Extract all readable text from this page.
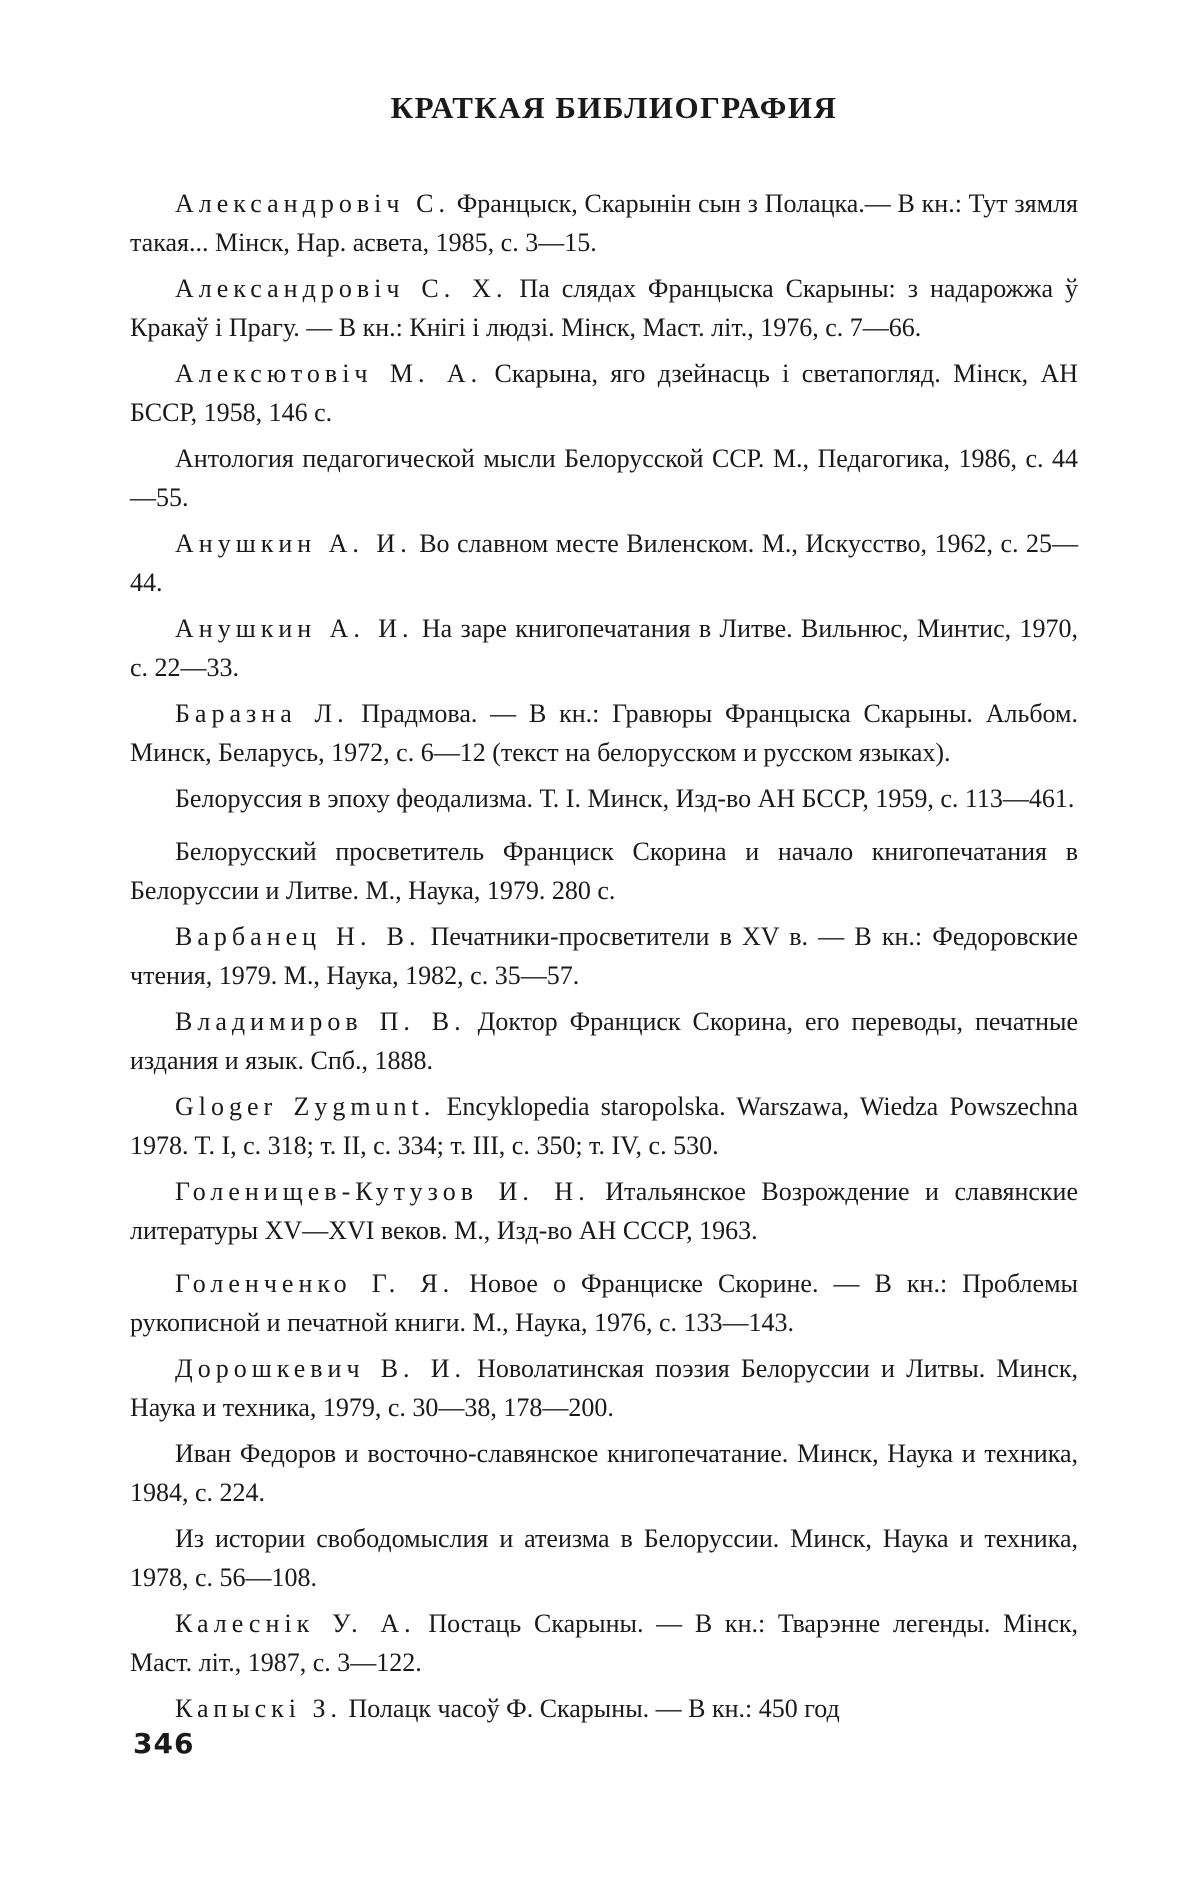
КРАТКАЯ БИБЛИОГРАФИЯ

Александровіч С. Францыск, Скарынін сын з Полацка.— В кн.: Тут зямля такая... Мінск, Нар. асвета, 1985, с. 3—15.

Александровіч С. Х. Па слядах Францыска Скарыны: з надарожжа ў Кракаў і Прагу. — В кн.: Кнігі і людзі. Мінск, Маст. літ., 1976, с. 7—66.

Алексютовіч М. А. Скарына, яго дзейнасць і светапогляд. Мінск, АН БССР, 1958, 146 с.

Антология педагогической мысли Белорусской ССР. М., Педагогика, 1986, с. 44—55.

Анушкин А. И. Во славном месте Виленском. М., Искусство, 1962, с. 25—44.

Анушкин А. И. На заре книгопечатания в Литве. Вильнюс, Минтис, 1970, с. 22—33.

Баразна Л. Прадмова. — В кн.: Гравюры Францыска Скарыны. Альбом. Минск, Беларусь, 1972, с. 6—12 (текст на белорусском и русском языках).

Белоруссия в эпоху феодализма. Т. I. Минск, Изд-во АН БССР, 1959, с. 113—461.

Белорусский просветитель Франциск Скорина и начало книгопечатания в Белоруссии и Литве. М., Наука, 1979. 280 с.

Варбанец Н. В. Печатники-просветители в XV в. — В кн.: Федоровские чтения, 1979. М., Наука, 1982, с. 35—57.

Владимиров П. В. Доктор Франциск Скорина, его переводы, печатные издания и язык. Спб., 1888.

Gloger Zygmunt. Encyklopedia staropolska. Warszawa, Wiedza Powszechna 1978. T. I, с. 318; т. II, с. 334; т. III, с. 350; т. IV, с. 530.

Голенищев-Кутузов И. Н. Итальянское Возрождение и славянские литературы XV—XVI веков. М., Изд-во АН СССР, 1963.

Голенченко Г. Я. Новое о Франциске Скорине. — В кн.: Проблемы рукописной и печатной книги. М., Наука, 1976, с. 133—143.

Дорошкевич В. И. Новолатинская поэзия Белоруссии и Литвы. Минск, Наука и техника, 1979, с. 30—38, 178—200.

Иван Федоров и восточно-славянское книгопечатание. Минск, Наука и техника, 1984, с. 224.

Из истории свободомыслия и атеизма в Белоруссии. Минск, Наука и техника, 1978, с. 56—108.

Калеснік У. А. Постаць Скарыны. — В кн.: Тварэнне легенды. Мінск, Маст. літ., 1987, с. 3—122.

Капыскі З. Полацк часоў Ф. Скарыны. — В кн.: 450 год

346
